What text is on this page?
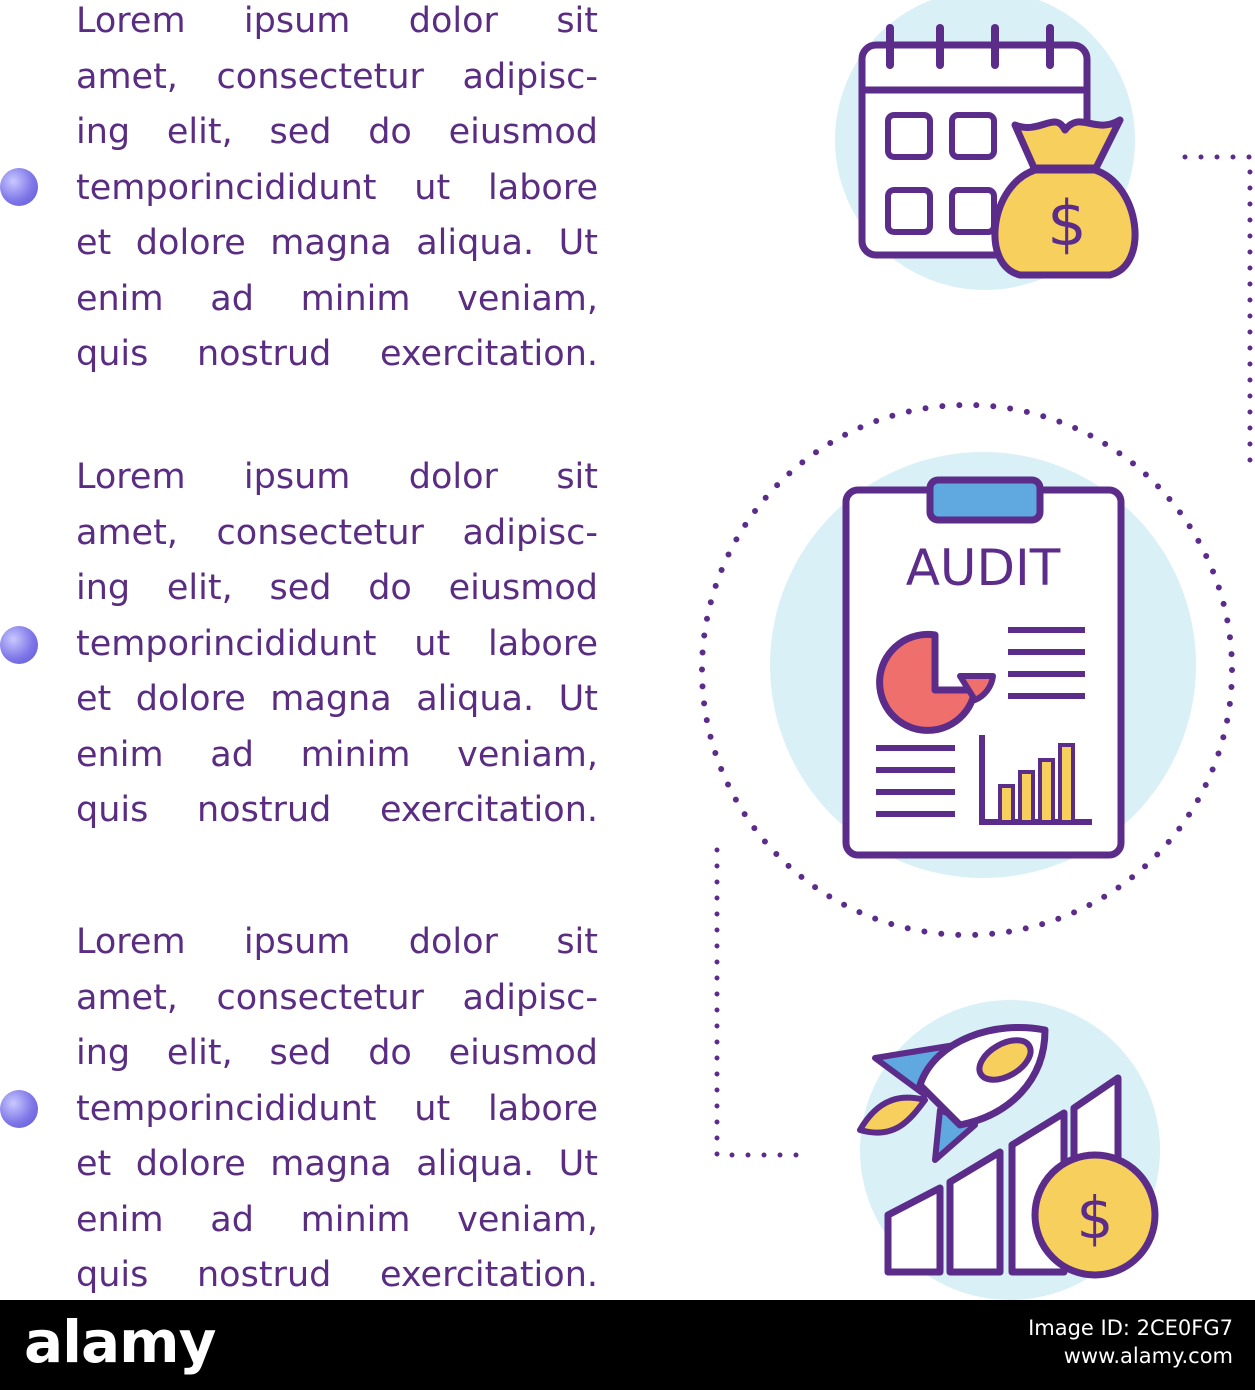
Lorem ipsum dolor sit
amet, consectetur adipisc-
ing elit, sed do eiusmod
temporincididunt ut labore
et dolore magna aliqua. Ut
enim ad minim veniam,
quis nostrud exercitation.
Lorem ipsum dolor sit
amet, consectetur adipisc-
ing elit, sed do eiusmod
temporincididunt ut labore
et dolore magna aliqua. Ut
enim ad minim veniam,
quis nostrud exercitation.
Lorem ipsum dolor sit
amet, consectetur adipisc-
ing elit, sed do eiusmod
temporincididunt ut labore
et dolore magna aliqua. Ut
enim ad minim veniam,
quis nostrud exercitation.
$
AUDIT
$
alamy	Image ID: 2CE0FG7
www.alamy.com
